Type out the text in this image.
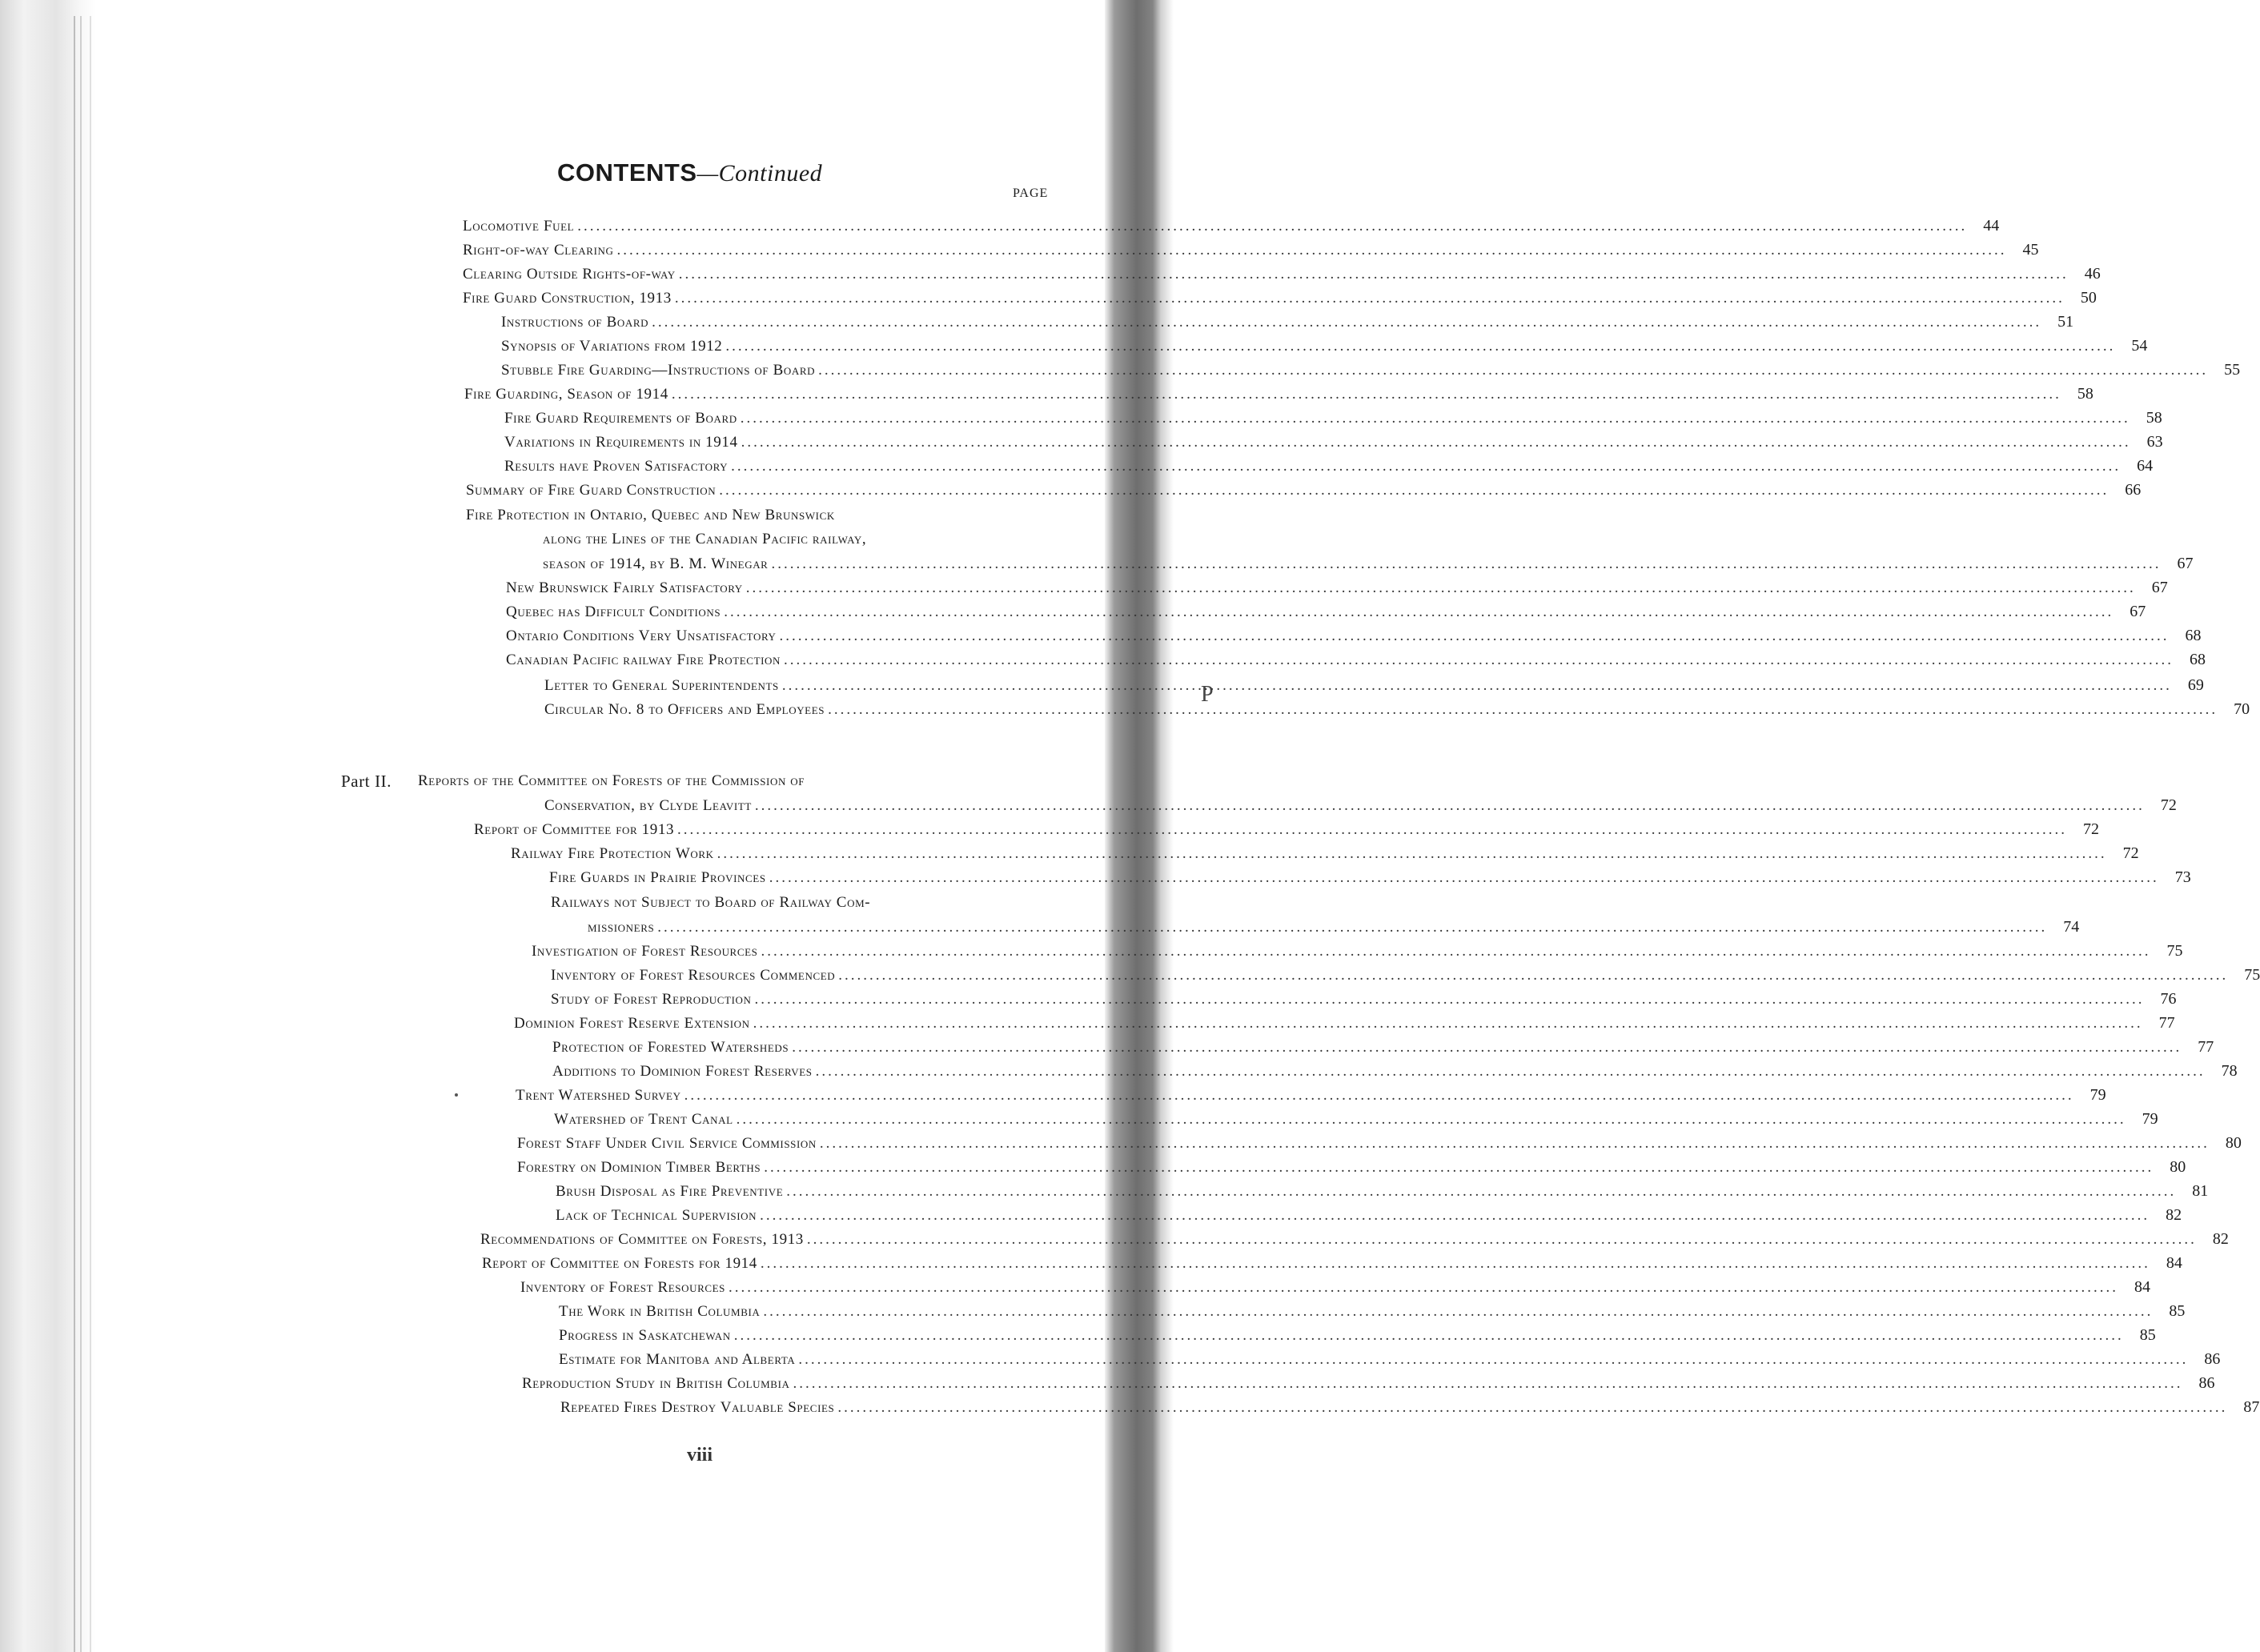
P
CONTENTS—Continued
PAGE
Locomotive Fuel .....	44
Right-of-way Clearing .....	45
Clearing Outside Rights-of-way .....	46
Fire Guard Construction, 1913 .....	50
Instructions of Board .....	51
Synopsis of Variations from 1912 .....	54
Stubble Fire Guarding—Instructions of Board .....	55
Fire Guarding, Season of 1914 .....	58
Fire Guard Requirements of Board .....	58
Variations in Requirements in 1914 .....	63
Results have Proven Satisfactory .....	64
Summary of Fire Guard Construction .....	66
Fire Protection in Ontario, Quebec and New Brunswick
along the Lines of the Canadian Pacific railway,
season of 1914, by B. M. Winegar .....	67
New Brunswick Fairly Satisfactory .....	67
Quebec has Difficult Conditions .....	67
Ontario Conditions Very Unsatisfactory .....	68
Canadian Pacific railway Fire Protection .....	68
Letter to General Superintendents .....	69
Circular No. 8 to Officers and Employees .....	70
Part II. Reports of the Committee on Forests of the Commission of
Conservation, by Clyde Leavitt .....	72
Report of Committee for 1913 .....	72
Railway Fire Protection Work .....	72
Fire Guards in Prairie Provinces .....	73
Railways not Subject to Board of Railway Com-
missioners .....	74
Investigation of Forest Resources .....	75
Inventory of Forest Resources Commenced .....	75
Study of Forest Reproduction .....	76
Dominion Forest Reserve Extension .....	77
Protection of Forested Watersheds .....	77
Additions to Dominion Forest Reserves .....	78
Trent Watershed Survey .....	79
Watershed of Trent Canal .....	79
Forest Staff Under Civil Service Commission .....	80
Forestry on Dominion Timber Berths .....	80
Brush Disposal as Fire Preventive .....	81
Lack of Technical Supervision .....	82
Recommendations of Committee on Forests, 1913 .....	82
Report of Committee on Forests for 1914 .....	84
Inventory of Forest Resources .....	84
The Work in British Columbia .....	85
Progress in Saskatchewan .....	85
Estimate for Manitoba and Alberta .....	86
Reproduction Study in British Columbia .....	86
Repeated Fires Destroy Valuable Species .....	87
viii
